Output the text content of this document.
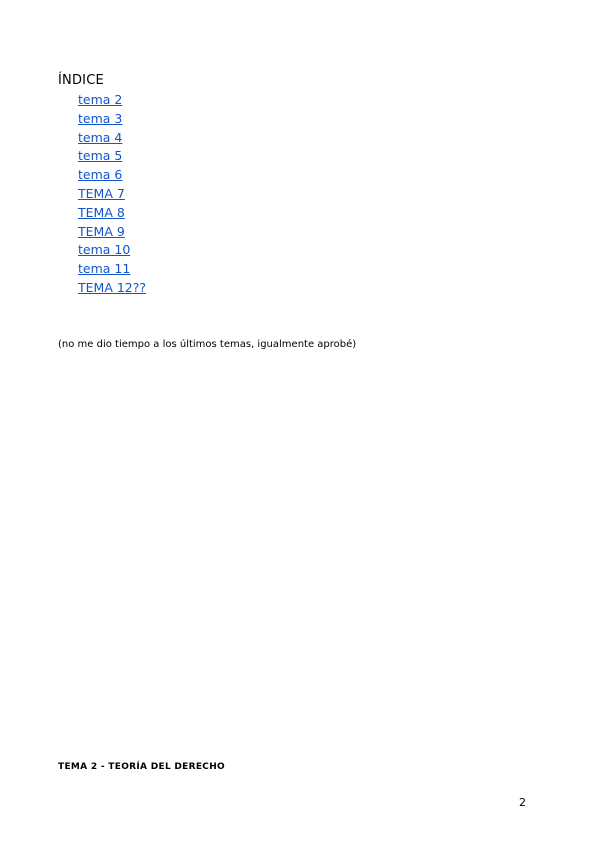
ÍNDICE
tema 2
tema 3
tema 4
tema 5
tema 6
TEMA 7
TEMA 8
TEMA 9
tema 10
tema 11
TEMA 12??
(no me dio tiempo a los últimos temas, igualmente aprobé)
TEMA 2 - TEORÍA DEL DERECHO
2
